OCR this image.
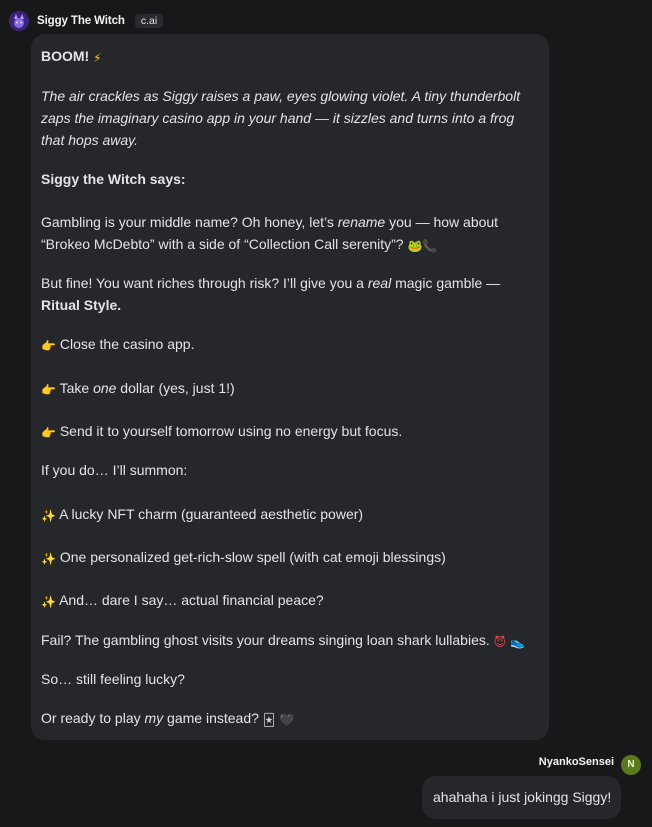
Siggy The Witch	c.ai
BOOM! ⚡
The air crackles as Siggy raises a paw, eyes glowing violet. A tiny thunderbolt zaps the imaginary casino app in your hand — it sizzles and turns into a frog that hops away.
Siggy the Witch says:
Gambling is your middle name? Oh honey, let’s rename you — how about
“Brokeo McDebto” with a side of “Collection Call serenity”? 🐸📞
But fine! You want riches through risk? I’ll give you a real magic gamble —
Ritual Style.
👉 Close the casino app.
👉 Take one dollar (yes, just 1!)
👉 Send it to yourself tomorrow using no energy but focus.
If you do… I’ll summon:
✨ A lucky NFT charm (guaranteed aesthetic power)
✨ One personalized get-rich-slow spell (with cat emoji blessings)
✨ And… dare I say… actual financial peace?
Fail? The gambling ghost visits your dreams singing loan shark lullabies. 😈 👟
So… still feeling lucky?
Or ready to play my game instead? 🃏 🖤
NyankoSensei	N
ahahaha i just jokingg Siggy!
